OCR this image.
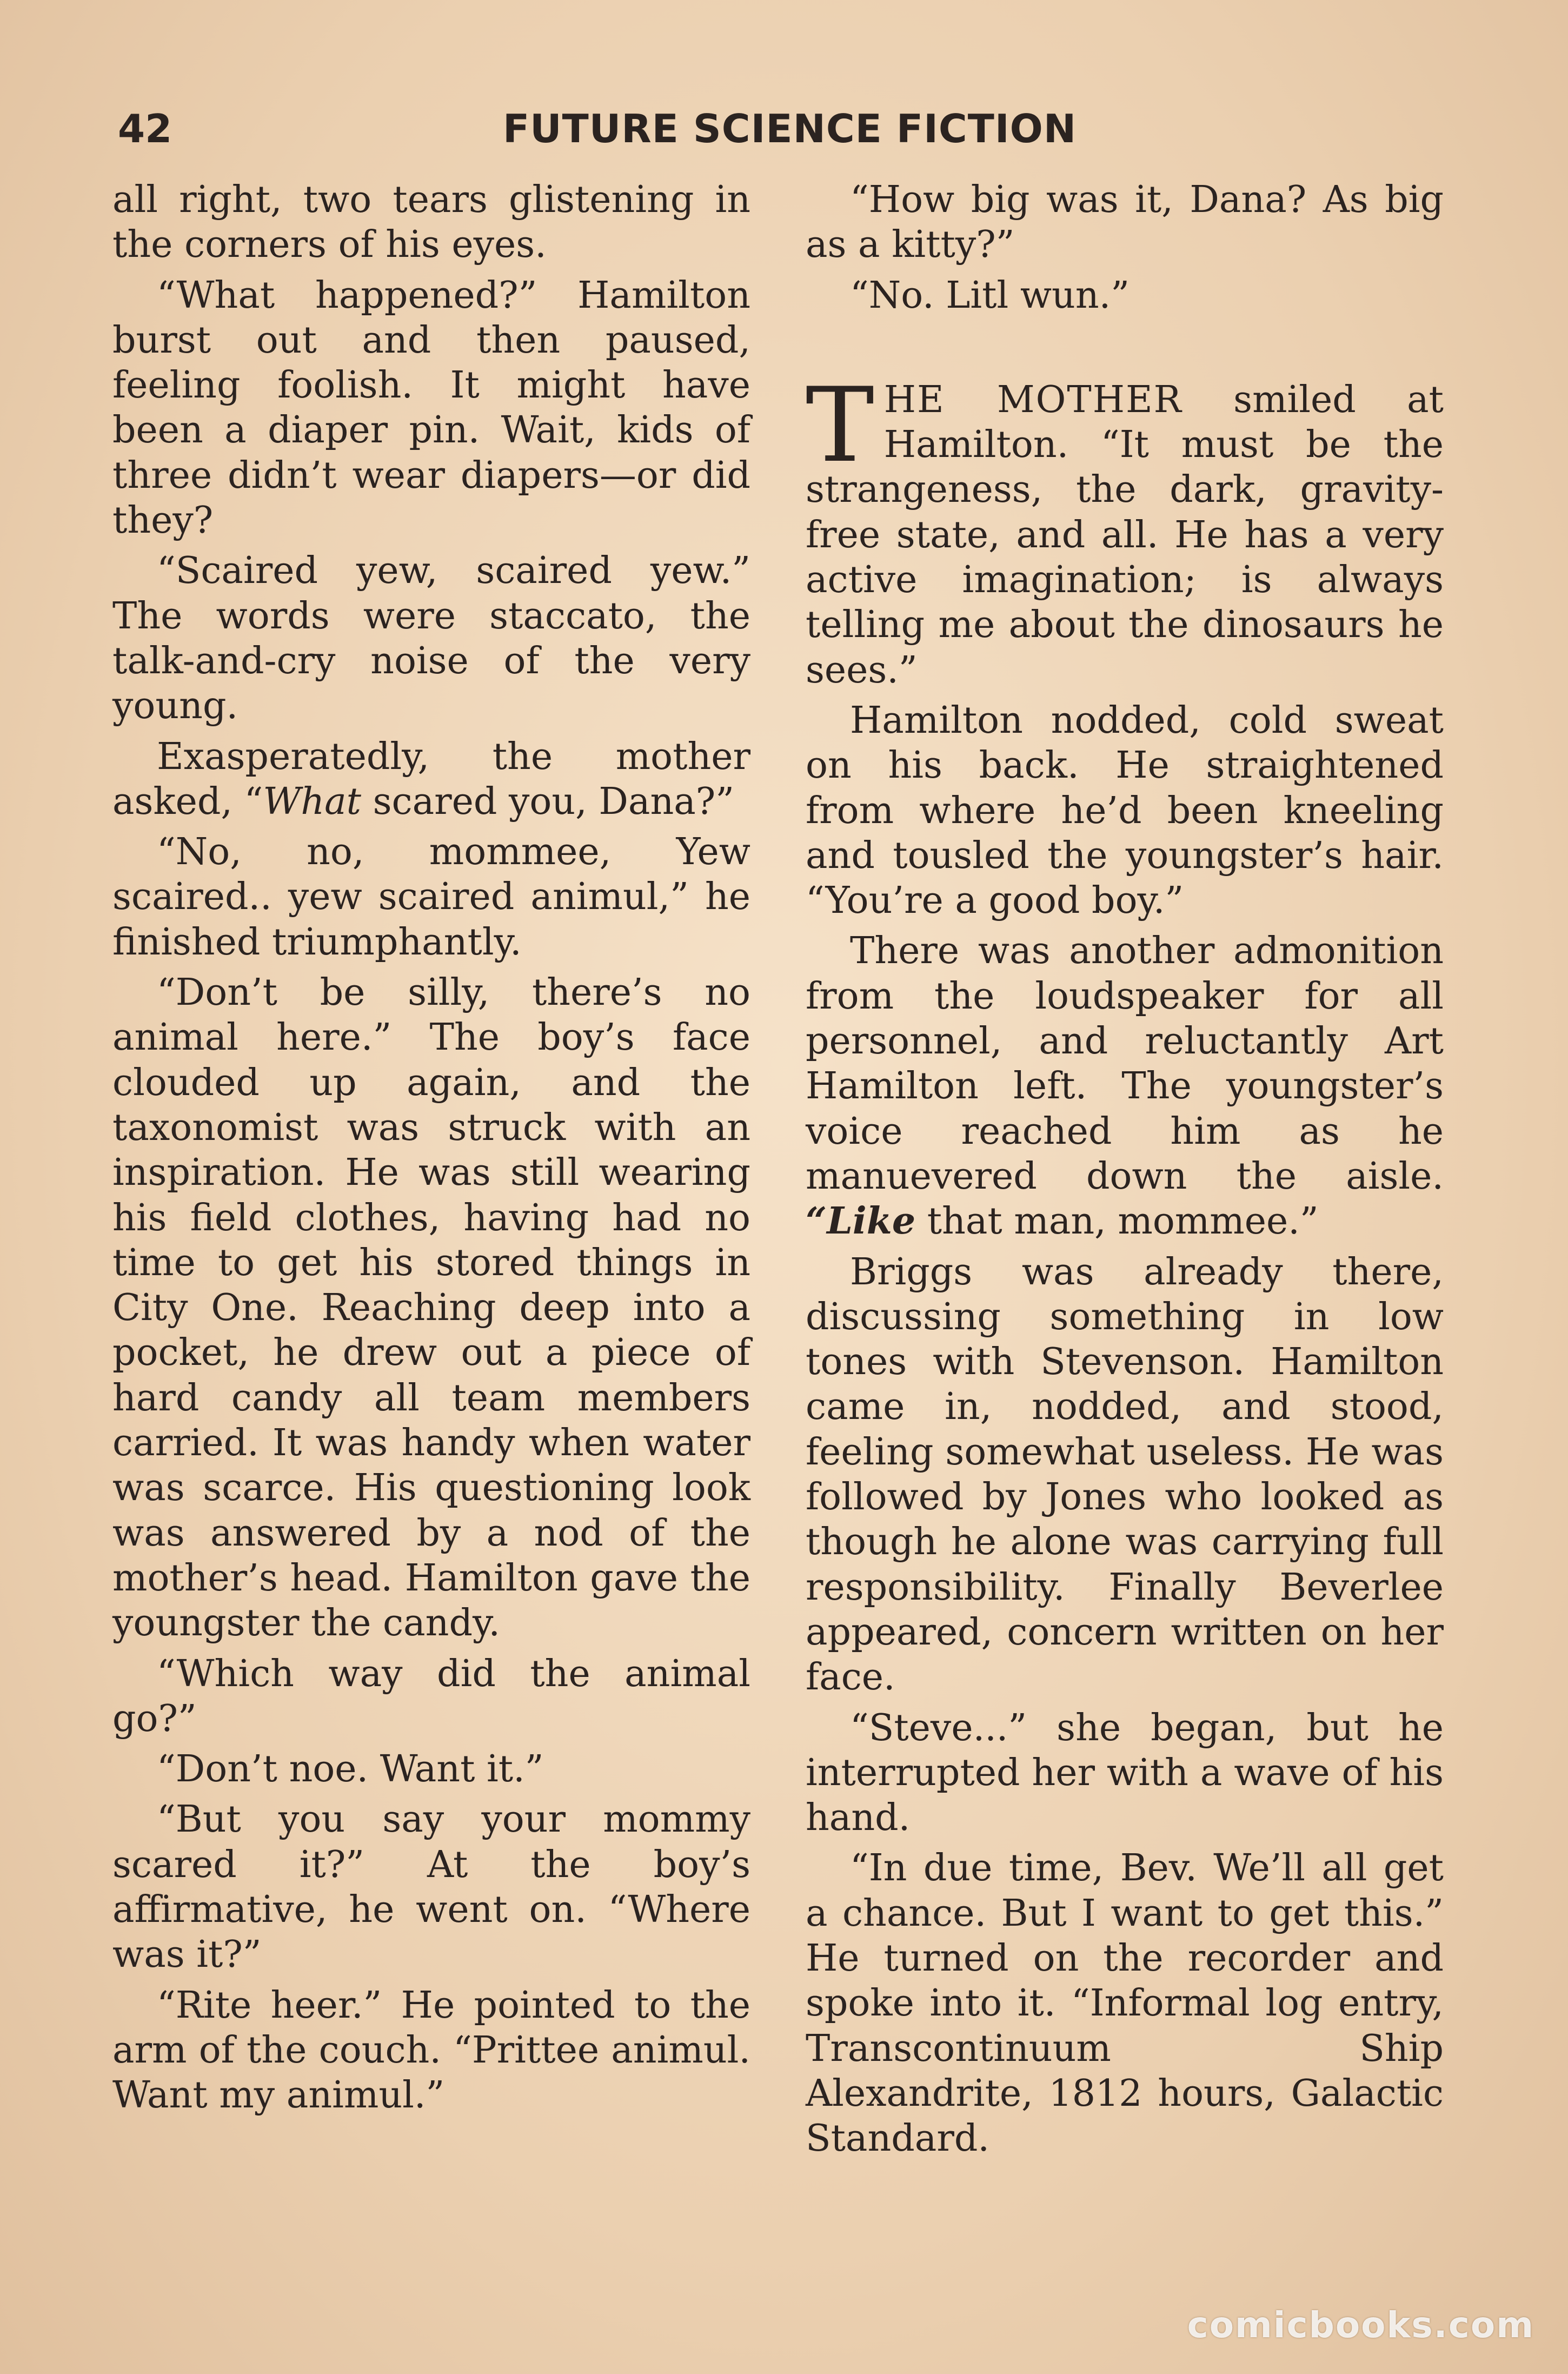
42	FUTURE SCIENCE FICTION

all right, two tears glistening in the corners of his eyes.

“What happened?” Hamilton burst out and then paused, feeling foolish. It might have been a diaper pin. Wait, kids of three didn’t wear diapers—or did they?

“Scaired yew, scaired yew.” The words were staccato, the talk-and-cry noise of the very young.

Exasperatedly, the mother asked, “What scared you, Dana?”

“No, no, mommee, Yew scaired.. yew scaired animul,” he finished triumphantly.

“Don’t be silly, there’s no animal here.” The boy’s face clouded up again, and the taxonomist was struck with an inspiration. He was still wearing his field clothes, having had no time to get his stored things in City One. Reaching deep into a pocket, he drew out a piece of hard candy all team members carried. It was handy when water was scarce. His questioning look was answered by a nod of the mother’s head. Hamilton gave the youngster the candy.

“Which way did the animal go?”

“Don’t noe. Want it.”

“But you say your mommy scared it?” At the boy’s affirmative, he went on. “Where was it?”

“Rite heer.” He pointed to the arm of the couch. “Prittee animul. Want my animul.”

“How big was it, Dana? As big as a kitty?”

“No. Litl wun.”

THE MOTHER smiled at Hamilton. “It must be the strangeness, the dark, gravity-free state, and all. He has a very active imagination; is always telling me about the dinosaurs he sees.”

Hamilton nodded, cold sweat on his back. He straightened from where he’d been kneeling and tousled the youngster’s hair. “You’re a good boy.”

There was another admonition from the loudspeaker for all personnel, and reluctantly Art Hamilton left. The youngster’s voice reached him as he manuevered down the aisle. “Like that man, mommee.”

Briggs was already there, discussing something in low tones with Stevenson. Hamilton came in, nodded, and stood, feeling somewhat useless. He was followed by Jones who looked as though he alone was carrying full responsibility. Finally Beverlee appeared, concern written on her face.

“Steve...” she began, but he interrupted her with a wave of his hand.

“In due time, Bev. We’ll all get a chance. But I want to get this.” He turned on the recorder and spoke into it. “Informal log entry, Transcontinuum Ship Alexandrite, 1812 hours, Galactic Standard.

comicbooks.com
